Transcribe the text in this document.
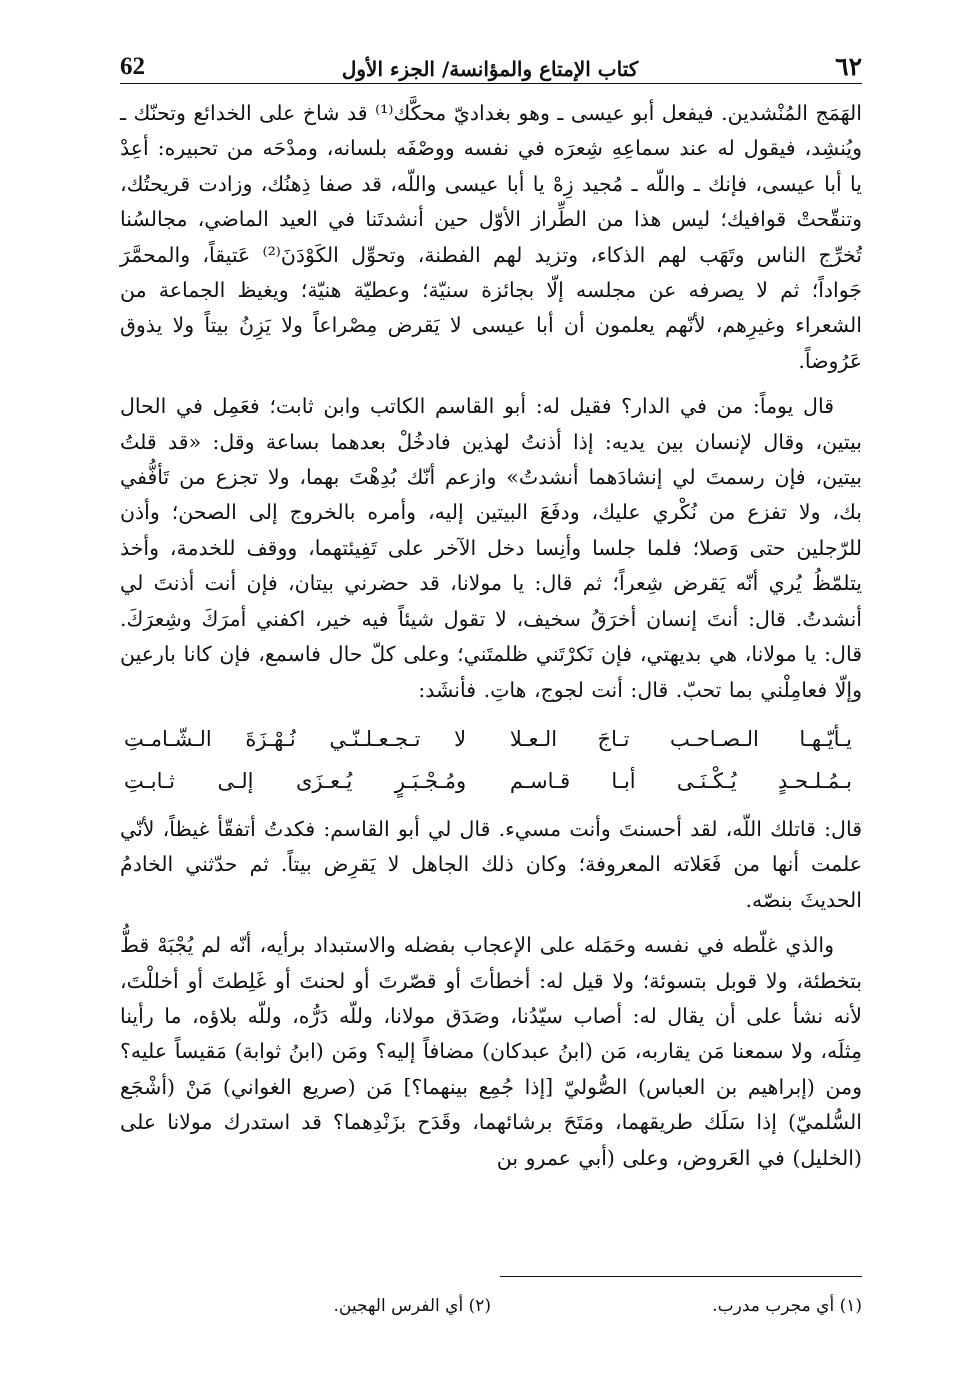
62	كتاب الإمتاع والمؤانسة/ الجزء الأول	٦٢

الهَمَج المُنْشدين. فيفعل أبو عيسى ـ وهو بغداديّ محكَّك⁽¹⁾ قد شاخ على الخدائع وتحنّك ـ ويُنشِد، فيقول له عند سماعِهِ شِعرَه في نفسه ووصْفَه بلسانه، ومدْحَه من تحبيره: أعِدْ يا أبا عيسى، فإنك ـ واللّه ـ مُجيد زِهْ يا أبا عيسى واللّه، قد صفا ذِهنُك، وزادت قريحتُك، وتنقّحتْ قوافيك؛ ليس هذا من الطِّراز الأوّل حين أنشدتَنا في العيد الماضي، مجالسُنا تُخرِّج الناس وتَهَب لهم الذكاء، وتزيد لهم الفطنة، وتحوِّل الكَوْدَنَ⁽²⁾ عَتيقاً، والمحمَّرَ جَواداً؛ ثم لا يصرفه عن مجلسه إلّا بجائزة سنيّة؛ وعطيّة هنيّة؛ ويغيظ الجماعة من الشعراء وغيرِهم، لأنّهم يعلمون أن أبا عيسى لا يَقرض مِصْراعاً ولا يَزِنُ بيتاً ولا يذوق عَرُوضاً.

قال يوماً: من في الدار؟ فقيل له: أبو القاسم الكاتب وابن ثابت؛ فعَمِل في الحال بيتين، وقال لإنسان بين يديه: إذا أذنتُ لهذين فادخُلْ بعدهما بساعة وقل: «قد قلتُ بيتين، فإن رسمتَ لي إنشادَهما أنشدتُ» وازعم أنّك بُدِهْتَ بهما، ولا تجزع من تَأفُّفي بك، ولا تفزع من نُكْري عليك، ودفَعَ البيتين إليه، وأمره بالخروج إلى الصحن؛ وأذن للرّجلين حتى وَصلا؛ فلما جلسا وأنِسا دخل الآخر على تَفِيئتهما، ووقف للخدمة، وأخذ يتلمّظُ يُري أنّه يَقرض شِعراً؛ ثم قال: يا مولانا، قد حضرني بيتان، فإن أنت أذنتَ لي أنشدتُ. قال: أنتَ إنسان أخرَقُ سخيف، لا تقول شيئاً فيه خير، اكفني أمرَكَ وشِعرَكَ. قال: يا مولانا، هي بديهتي، فإن نَكرْتَني ظلمتَني؛ وعلى كلّ حال فاسمع، فإن كانا بارعين وإلّا فعامِلْني بما تحبّ. قال: أنت لجوج، هاتِ. فأنشَد:

يـأيّـهـا الـصـاحـب تـاجَ الـعـلا
لا تـجـعـلـنّـي نُـهْـزَةَ الـشّـامـتِ
بـمُـلـحـدٍ يُـكْـنَـى أبـا قـاسـم
ومُـجْـبَـرٍ يُـعـزَى إلـى ثـابـتِ

قال: قاتلك اللّه، لقد أحسنتَ وأنت مسيء. قال لي أبو القاسم: فكدتُ أتفقّأ غيظاً، لأنّي علمت أنها من فَعَلاته المعروفة؛ وكان ذلك الجاهل لا يَقرِض بيتاً. ثم حدّثني الخادمُ الحديثَ بنصّه.

والذي غلّطه في نفسه وحَمَله على الإعجاب بفضله والاستبداد برأيه، أنّه لم يُجْبَهْ قطُّ بتخطئة، ولا قوبل بتسوئة؛ ولا قيل له: أخطأتَ أو قصّرتَ أو لحنتَ أو غَلِطتَ أو أخللْتَ، لأنه نشأ على أن يقال له: أصاب سيّدُنا، وصَدَق مولانا، وللّه دَرُّه، وللّه بلاؤه، ما رأينا مِثلَه، ولا سمعنا مَن يقاربه، مَن (ابنُ عبدكان) مضافاً إليه؟ ومَن (ابنُ ثوابة) مَقيساً عليه؟ ومن (إبراهيم بن العباس) الصُّوليّ [إذا جُمِع بينهما؟] مَن (صريع الغواني) مَنْ (أشْجَع السُّلميّ) إذا سَلَك طريقهما، ومَتَحَ برشائهما، وقَدَح بزَنْدِهما؟ قد استدرك مولانا على (الخليل) في العَروض، وعلى (أبي عمرو بن

(١) أي مجرب مدرب.
(٢) أي الفرس الهجين.
